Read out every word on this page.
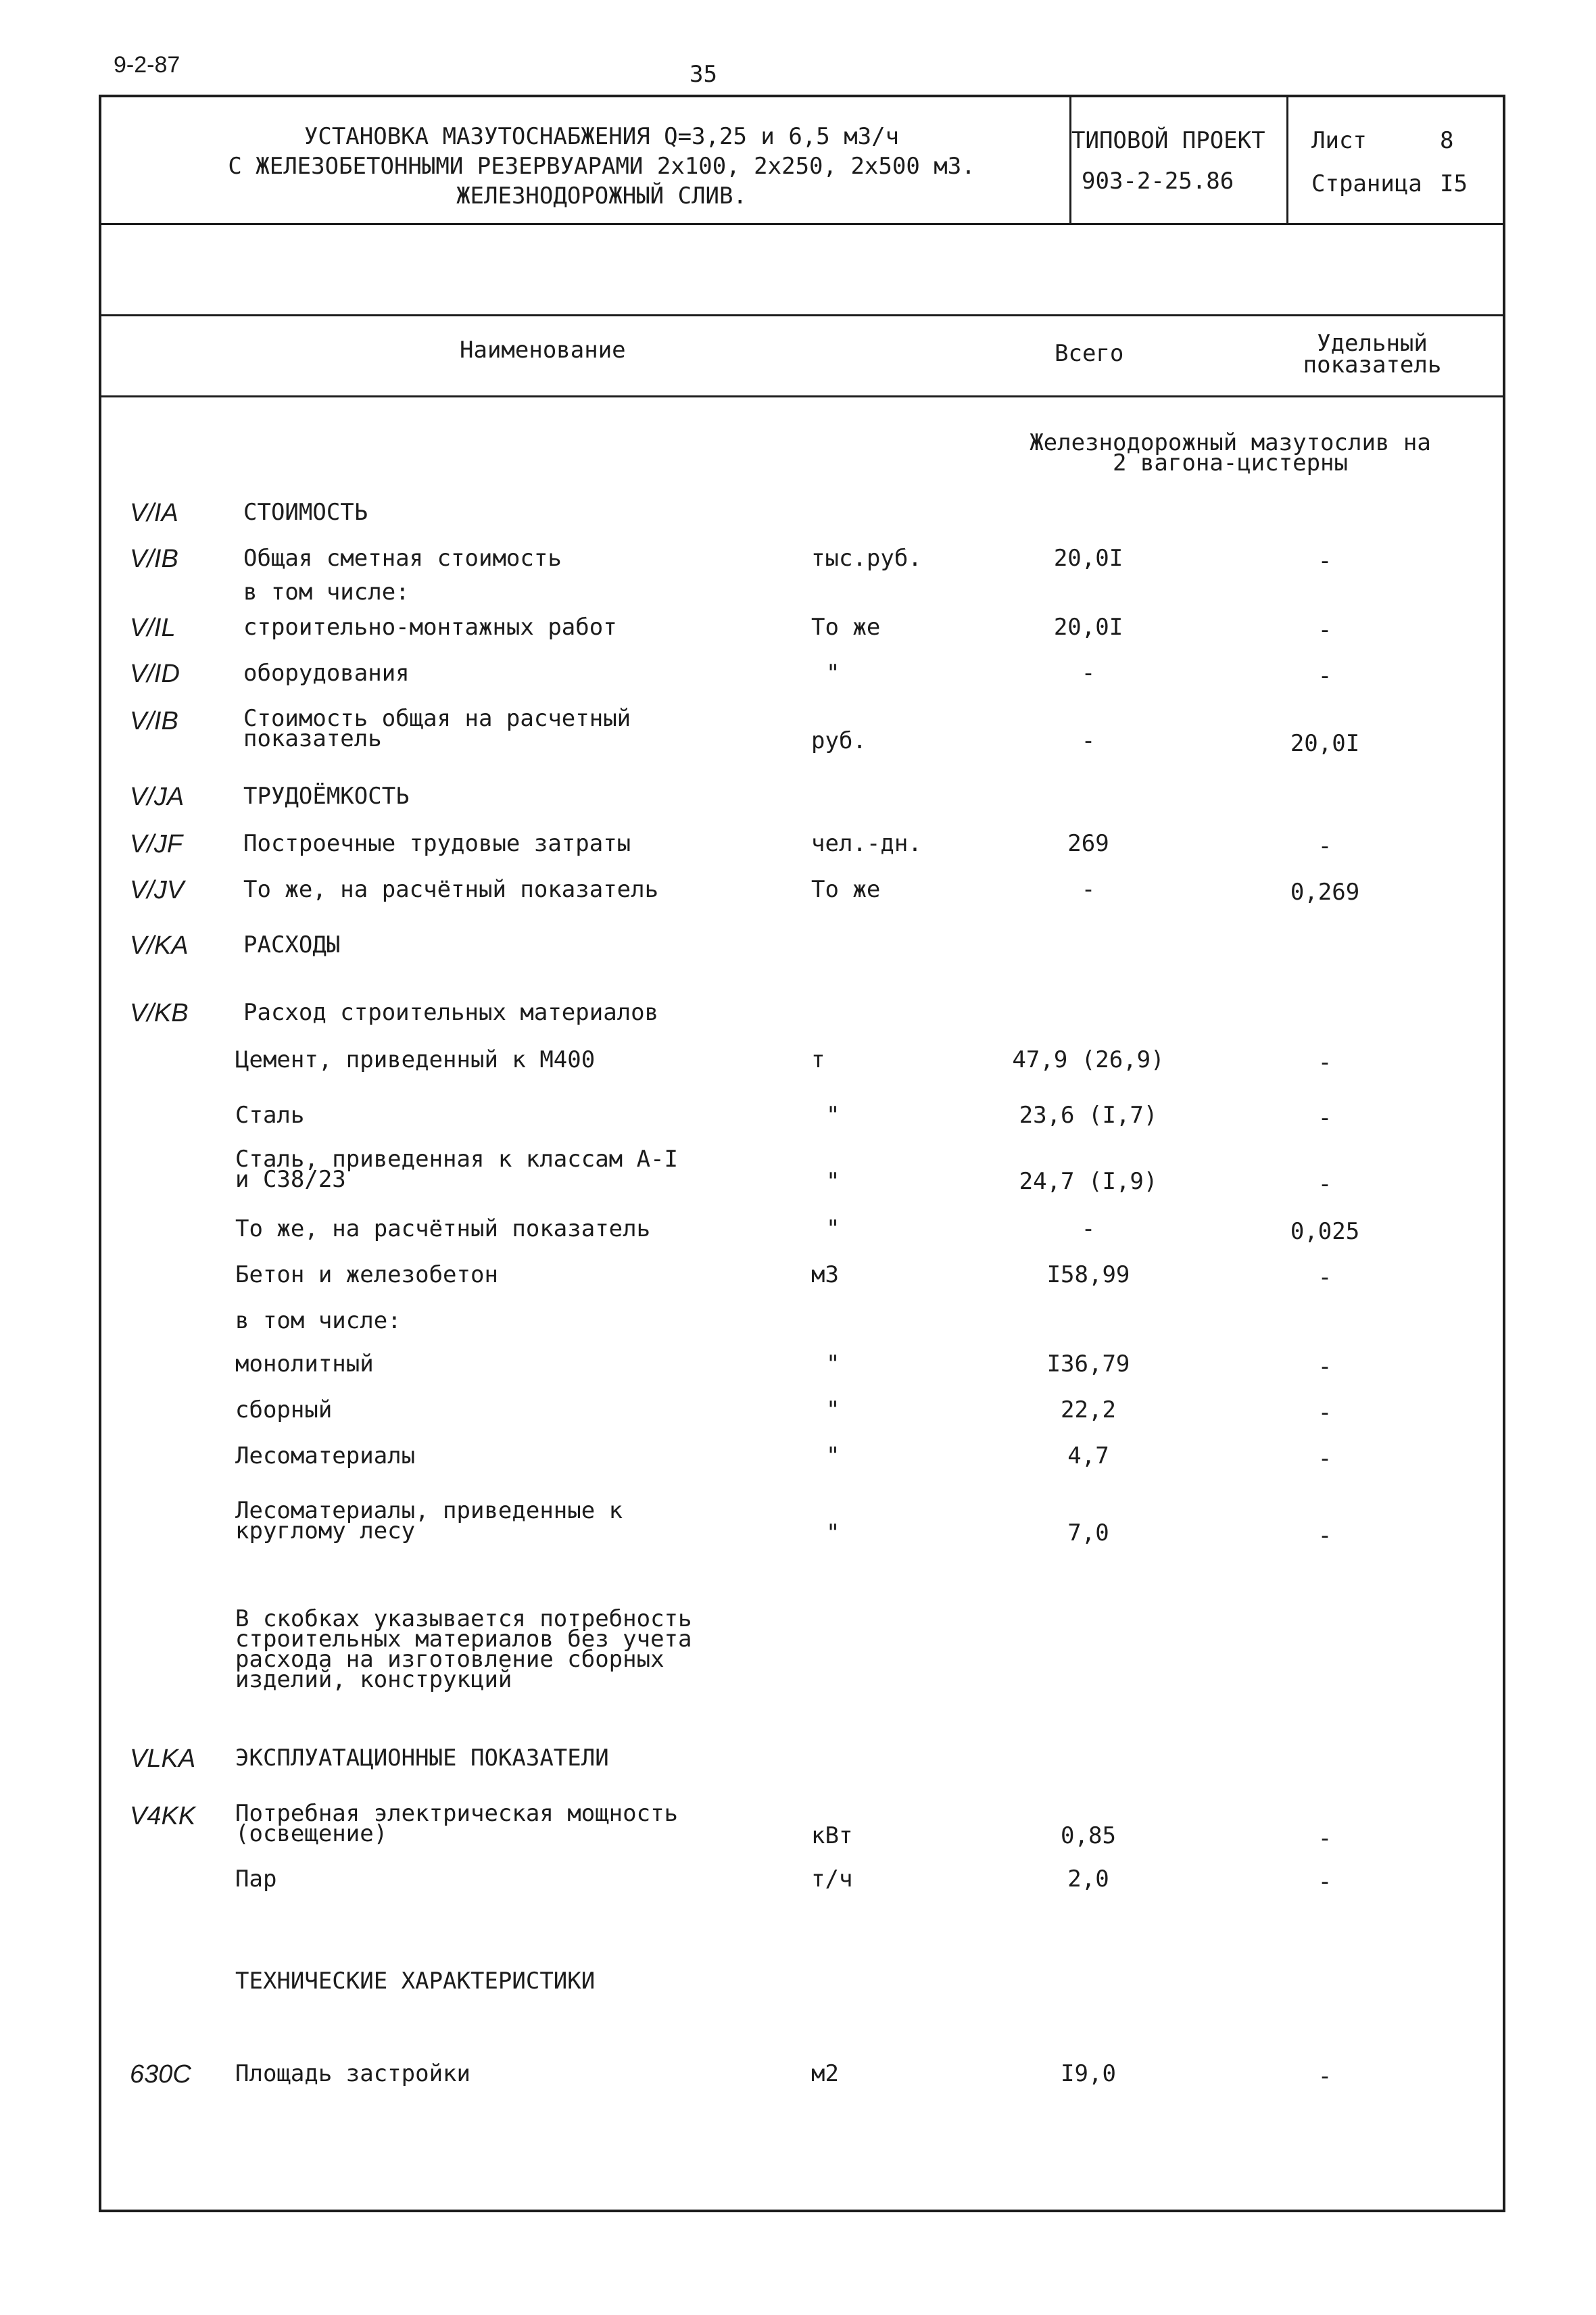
9-2-87	35
УСТАНОВКА МАЗУТОСНАБЖЕНИЯ Q=3,25 и 6,5 м3/ч
С ЖЕЛЕЗОБЕТОННЫМИ РЕЗЕРВУАРАМИ 2х100, 2х250, 2х500 м3.
ЖЕЛЕЗНОДОРОЖНЫЙ СЛИВ.
ТИПОВОЙ ПРОЕКТ
903-2-25.86
Лист	8
Страница I5
Наименование	Всего	Удельный
показатель
Железнодорожный мазутослив на
2 вагона-цистерны
V/IA	СТОИМОСТЬ
V/IB	Общая сметная стоимость	тыс.руб.	20,0I	-
в том числе:
V/IL	строительно-монтажных работ	То же	20,0I	-
V/ID	оборудования	"	-	-
V/IB	Стоимость общая на расчетный
показатель	руб.	-	20,0I
V/JA	ТРУДОЁМКОСТЬ
V/JF	Построечные трудовые затраты	чел.-дн.	269	-
V/JV	То же, на расчётный показатель	То же	-	0,269
V/KA РАСХОДЫ
V/KB Расход строительных материалов
Цемент, приведенный к М400	т	47,9 (26,9)	-
Сталь	"	23,6 (I,7)	-
Сталь, приведенная к классам А-I
и С38/23	"	24,7 (I,9)	-
То же, на расчётный показатель	"	-	0,025
Бетон и железобетон	м3	I58,99	-
в том числе:
монолитный	"	I36,79	-
сборный	"	22,2	-
Лесоматериалы	"	4,7	-
Лесоматериалы, приведенные к
круглому лесу	"	7,0	-
В скобках указывается потребность
строительных материалов без учета
расхода на изготовление сборных
изделий, конструкций
VLKA ЭКСПЛУАТАЦИОННЫЕ ПОКАЗАТЕЛИ
V4KK Потребная электрическая мощность
(освещение)	кВт	0,85	-
Пар	т/ч	2,0	-
ТЕХНИЧЕСКИЕ ХАРАКТЕРИСТИКИ
630С Площадь застройки	м2	I9,0	-
